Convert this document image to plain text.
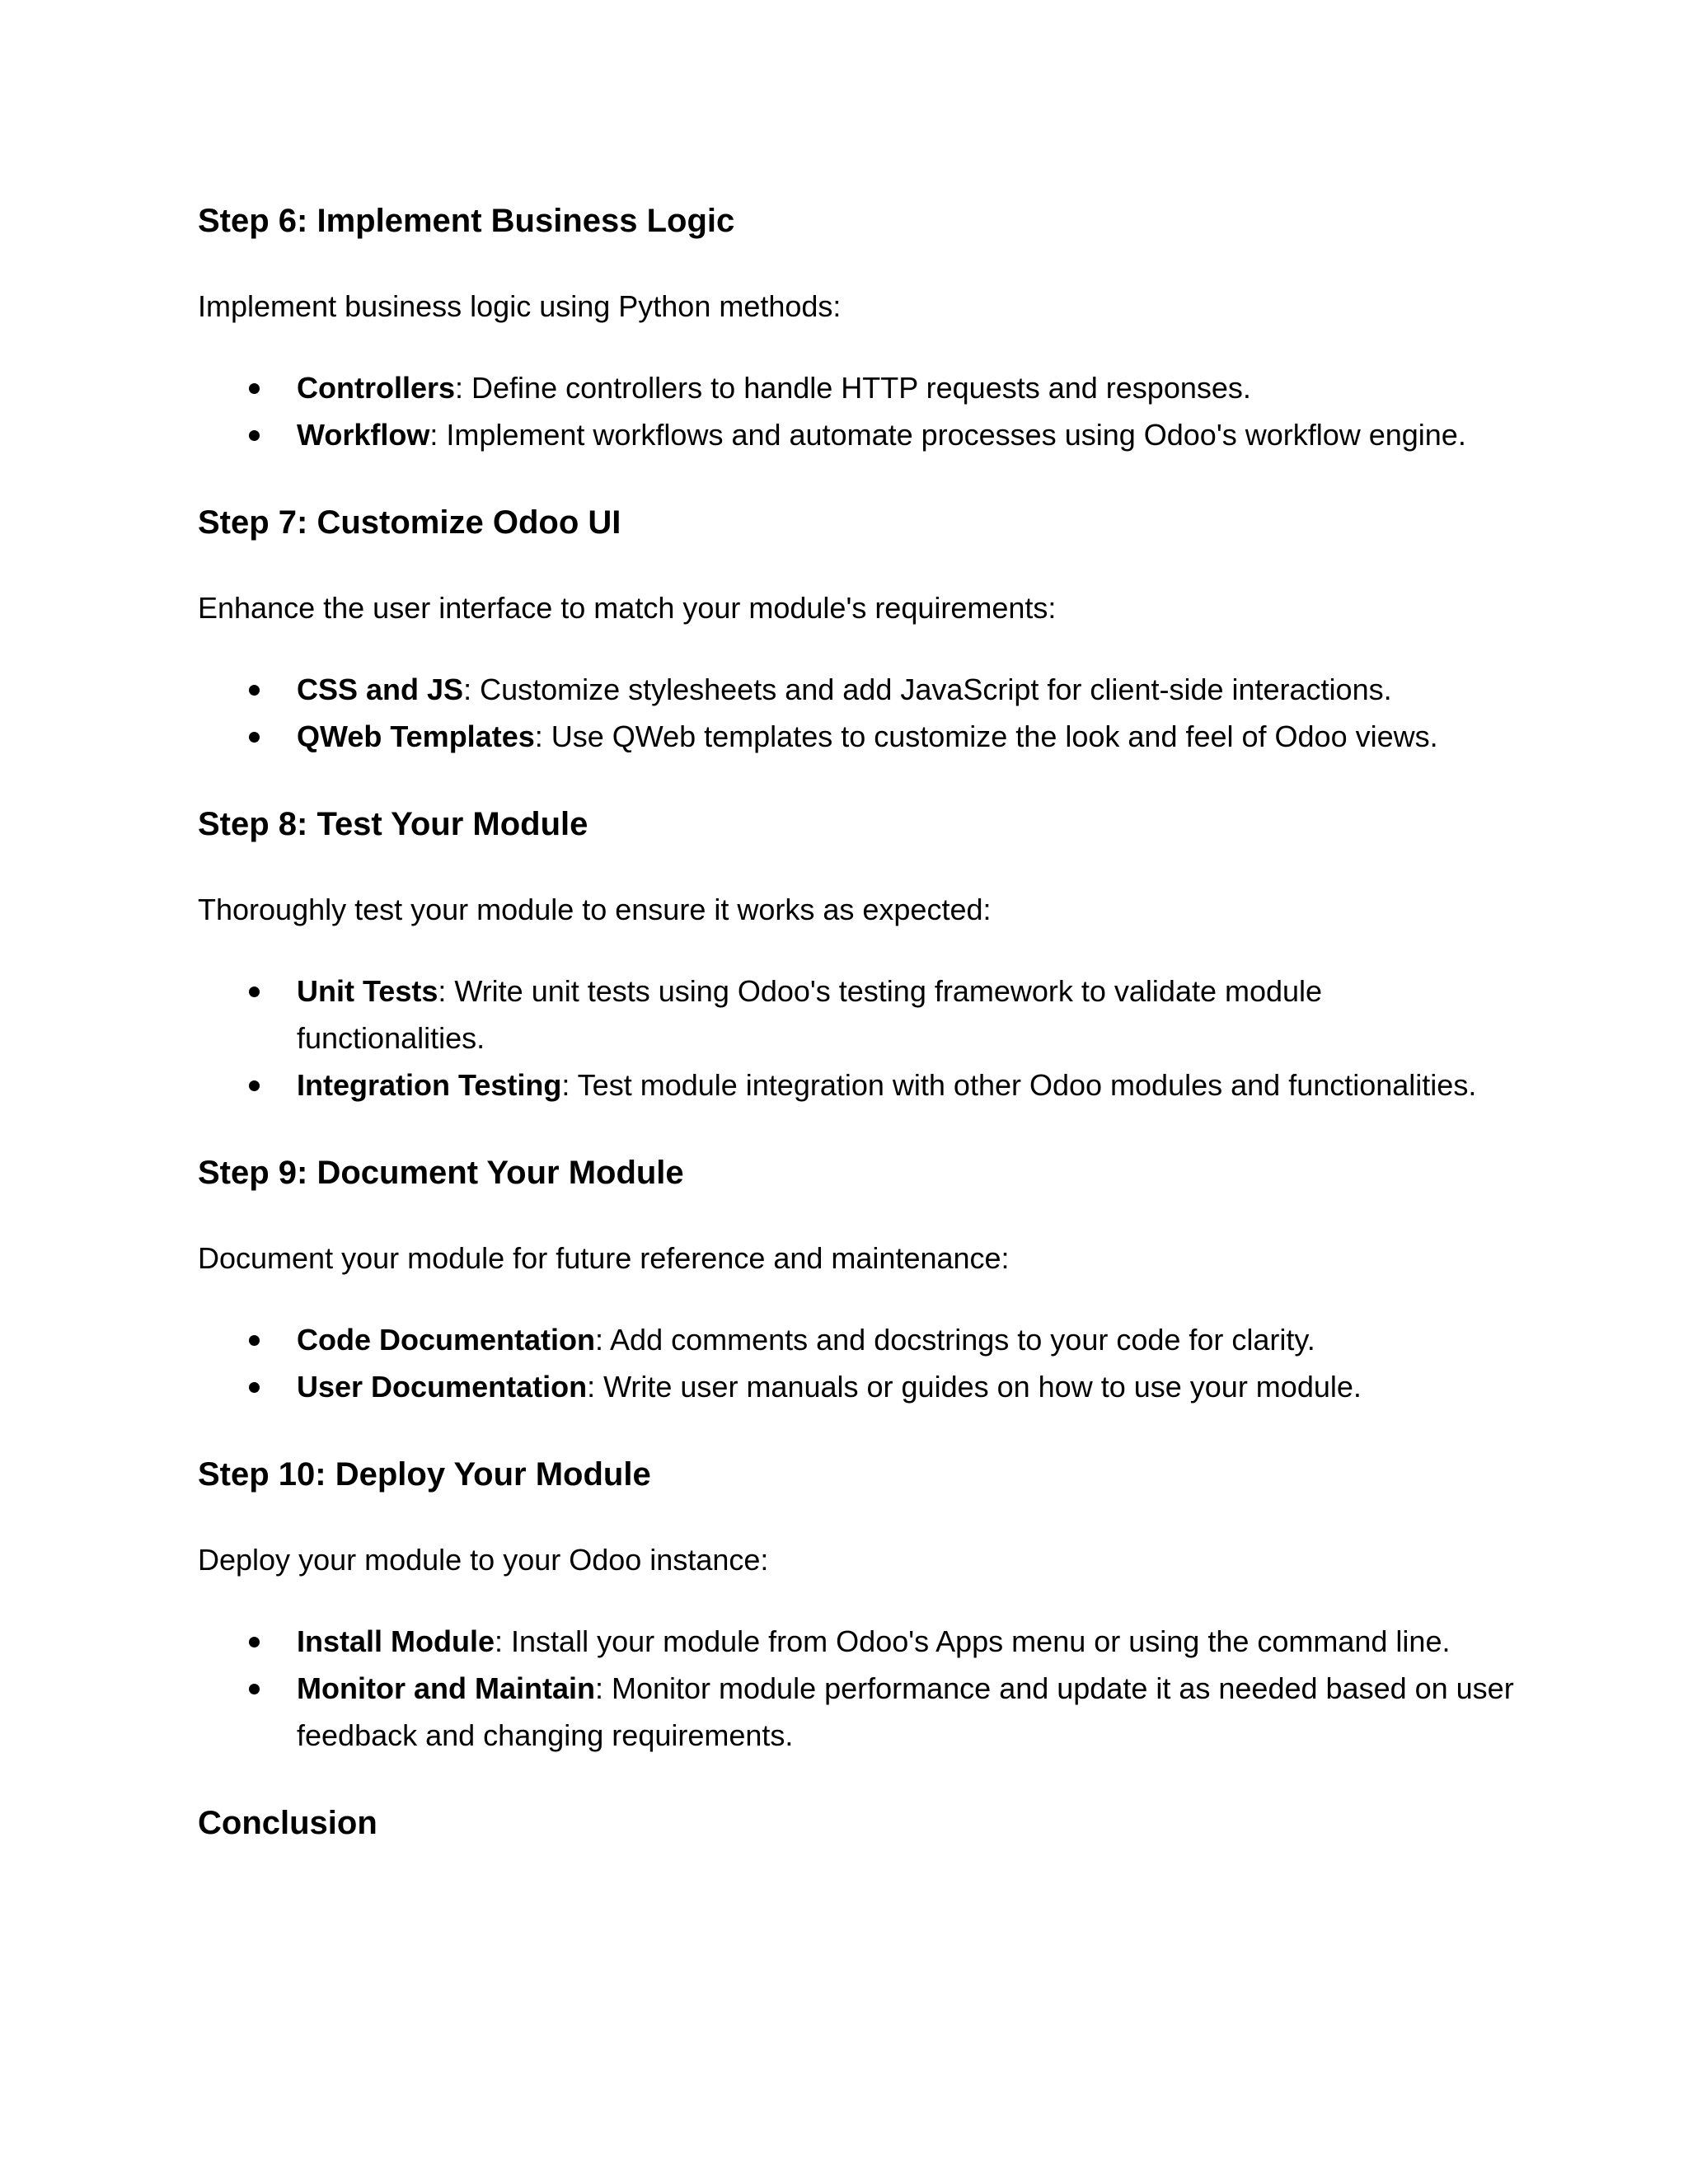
Step 6: Implement Business Logic
Implement business logic using Python methods:
Controllers: Define controllers to handle HTTP requests and responses.
Workflow: Implement workflows and automate processes using Odoo's workflow engine.
Step 7: Customize Odoo UI
Enhance the user interface to match your module's requirements:
CSS and JS: Customize stylesheets and add JavaScript for client-side interactions.
QWeb Templates: Use QWeb templates to customize the look and feel of Odoo views.
Step 8: Test Your Module
Thoroughly test your module to ensure it works as expected:
Unit Tests: Write unit tests using Odoo's testing framework to validate module functionalities.
Integration Testing: Test module integration with other Odoo modules and functionalities.
Step 9: Document Your Module
Document your module for future reference and maintenance:
Code Documentation: Add comments and docstrings to your code for clarity.
User Documentation: Write user manuals or guides on how to use your module.
Step 10: Deploy Your Module
Deploy your module to your Odoo instance:
Install Module: Install your module from Odoo's Apps menu or using the command line.
Monitor and Maintain: Monitor module performance and update it as needed based on user feedback and changing requirements.
Conclusion
